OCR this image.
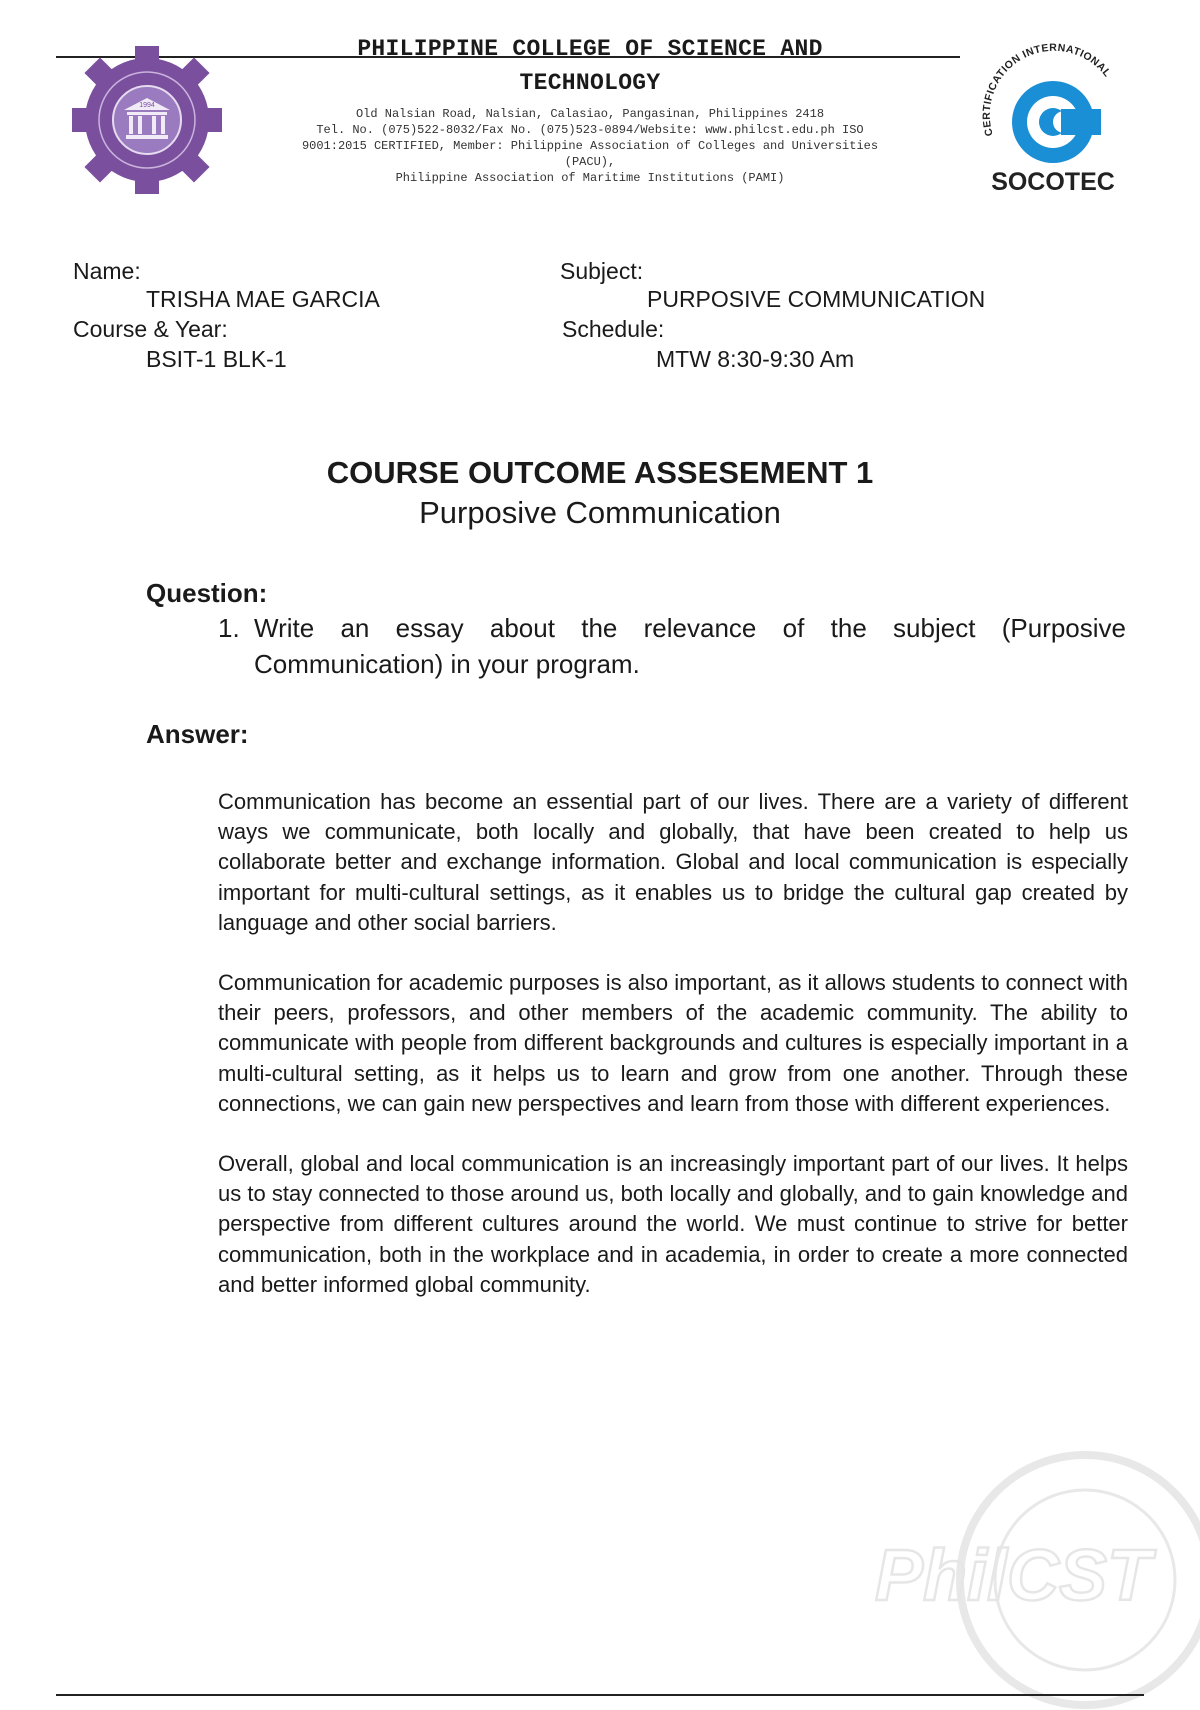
1994
PHILIPPINE COLLEGE OF SCIENCE AND
TECHNOLOGY
Old Nalsian Road, Nalsian, Calasiao, Pangasinan, Philippines 2418
Tel. No. (075)522-8032/Fax No. (075)523-0894/Website: www.philcst.edu.ph ISO
9001:2015 CERTIFIED, Member: Philippine Association of Colleges and Universities
(PACU),
Philippine Association of Maritime Institutions (PAMI)
CERTIFICATION INTERNATIONAL
SOCOTEC
Name:
TRISHA MAE GARCIA
Course & Year:
BSIT-1 BLK-1
Subject:
PURPOSIVE COMMUNICATION
Schedule:
MTW 8:30-9:30 Am
COURSE OUTCOME ASSESEMENT 1
Purposive Communication
Question:
1. Write an essay about the relevance of the subject (Purposive Communication) in your program.
Answer:

Communication has become an essential part of our lives. There are a variety of different ways we communicate, both locally and globally, that have been created to help us collaborate better and exchange information. Global and local communication is especially important for multi-cultural settings, as it enables us to bridge the cultural gap created by language and other social barriers.

Communication for academic purposes is also important, as it allows students to connect with their peers, professors, and other members of the academic community. The ability to communicate with people from different backgrounds and cultures is especially important in a multi-cultural setting, as it helps us to learn and grow from one another. Through these connections, we can gain new perspectives and learn from those with different experiences.

Overall, global and local communication is an increasingly important part of our lives. It helps us to stay connected to those around us, both locally and globally, and to gain knowledge and perspective from different cultures around the world. We must continue to strive for better communication, both in the workplace and in academia, in order to create a more connected and better informed global community.

PhilCST
